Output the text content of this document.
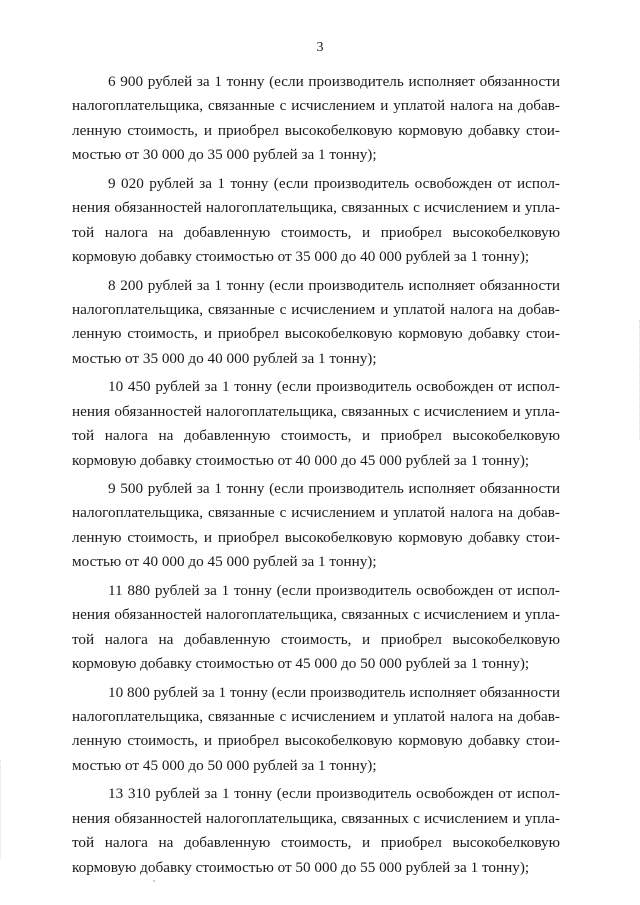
3
6 900 рублей за 1 тонну (если производитель исполняет обязанности
налогоплательщика, связанные с исчислением и уплатой налога на добав-
ленную стоимость, и приобрел высокобелковую кормовую добавку стои-
мостью от 30 000 до 35 000 рублей за 1 тонну);
9 020 рублей за 1 тонну (если производитель освобожден от испол-
нения обязанностей налогоплательщика, связанных с исчислением и упла-
той налога на добавленную стоимость, и приобрел высокобелковую
кормовую добавку стоимостью от 35 000 до 40 000 рублей за 1 тонну);
8 200 рублей за 1 тонну (если производитель исполняет обязанности
налогоплательщика, связанные с исчислением и уплатой налога на добав-
ленную стоимость, и приобрел высокобелковую кормовую добавку стои-
мостью от 35 000 до 40 000 рублей за 1 тонну);
10 450 рублей за 1 тонну (если производитель освобожден от испол-
нения обязанностей налогоплательщика, связанных с исчислением и упла-
той налога на добавленную стоимость, и приобрел высокобелковую
кормовую добавку стоимостью от 40 000 до 45 000 рублей за 1 тонну);
9 500 рублей за 1 тонну (если производитель исполняет обязанности
налогоплательщика, связанные с исчислением и уплатой налога на добав-
ленную стоимость, и приобрел высокобелковую кормовую добавку стои-
мостью от 40 000 до 45 000 рублей за 1 тонну);
11 880 рублей за 1 тонну (если производитель освобожден от испол-
нения обязанностей налогоплательщика, связанных с исчислением и упла-
той налога на добавленную стоимость, и приобрел высокобелковую
кормовую добавку стоимостью от 45 000 до 50 000 рублей за 1 тонну);
10 800 рублей за 1 тонну (если производитель исполняет обязанности
налогоплательщика, связанные с исчислением и уплатой налога на добав-
ленную стоимость, и приобрел высокобелковую кормовую добавку стои-
мостью от 45 000 до 50 000 рублей за 1 тонну);
13 310 рублей за 1 тонну (если производитель освобожден от испол-
нения обязанностей налогоплательщика, связанных с исчислением и упла-
той налога на добавленную стоимость, и приобрел высокобелковую
кормовую добавку стоимостью от 50 000 до 55 000 рублей за 1 тонну);
